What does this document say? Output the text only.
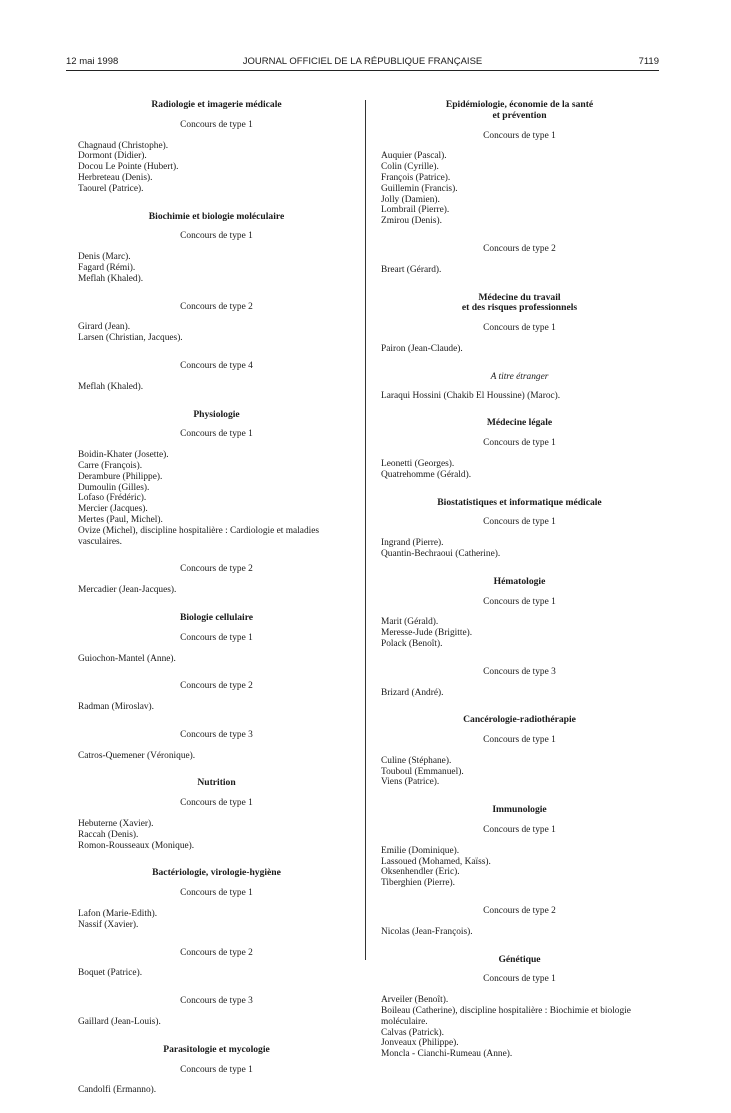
12 mai 1998	JOURNAL OFFICIEL DE LA RÉPUBLIQUE FRANÇAISE	7119
Radiologie et imagerie médicale
Concours de type 1
Chagnaud (Christophe).
Dormont (Didier).
Docou Le Pointe (Hubert).
Herbreteau (Denis).
Taourel (Patrice).
Biochimie et biologie moléculaire
Concours de type 1
Denis (Marc).
Fagard (Rémi).
Meflah (Khaled).
Concours de type 2
Girard (Jean).
Larsen (Christian, Jacques).
Concours de type 4
Meflah (Khaled).
Physiologie
Concours de type 1
Boidin-Khater (Josette).
Carre (François).
Derambure (Philippe).
Dumoulin (Gilles).
Lofaso (Frédéric).
Mercier (Jacques).
Mertes (Paul, Michel).
Ovize (Michel), discipline hospitalière : Cardiologie et maladies vasculaires.
Concours de type 2
Mercadier (Jean-Jacques).
Biologie cellulaire
Concours de type 1
Guiochon-Mantel (Anne).
Concours de type 2
Radman (Miroslav).
Concours de type 3
Catros-Quemener (Véronique).
Nutrition
Concours de type 1
Hebuterne (Xavier).
Raccah (Denis).
Romon-Rousseaux (Monique).
Bactériologie, virologie-hygiène
Concours de type 1
Lafon (Marie-Edith).
Nassif (Xavier).
Concours de type 2
Boquet (Patrice).
Concours de type 3
Gaillard (Jean-Louis).
Parasitologie et mycologie
Concours de type 1
Candolfi (Ermanno).
Epidémiologie, économie de la santé
et prévention
Concours de type 1
Auquier (Pascal).
Colin (Cyrille).
François (Patrice).
Guillemin (Francis).
Jolly (Damien).
Lombrail (Pierre).
Zmirou (Denis).
Concours de type 2
Breart (Gérard).
Médecine du travail
et des risques professionnels
Concours de type 1
Pairon (Jean-Claude).
A titre étranger
Laraqui Hossini (Chakib El Houssine) (Maroc).
Médecine légale
Concours de type 1
Leonetti (Georges).
Quatrehomme (Gérald).
Biostatistiques et informatique médicale
Concours de type 1
Ingrand (Pierre).
Quantin-Bechraoui (Catherine).
Hématologie
Concours de type 1
Marit (Gérald).
Meresse-Jude (Brigitte).
Polack (Benoît).
Concours de type 3
Brizard (André).
Cancérologie-radiothérapie
Concours de type 1
Culine (Stéphane).
Touboul (Emmanuel).
Viens (Patrice).
Immunologie
Concours de type 1
Emilie (Dominique).
Lassoued (Mohamed, Kaïss).
Oksenhendler (Eric).
Tiberghien (Pierre).
Concours de type 2
Nicolas (Jean-François).
Génétique
Concours de type 1
Arveiler (Benoît).
Boileau (Catherine), discipline hospitalière : Biochimie et biologie moléculaire.
Calvas (Patrick).
Jonveaux (Philippe).
Moncla - Cianchi-Rumeau (Anne).
